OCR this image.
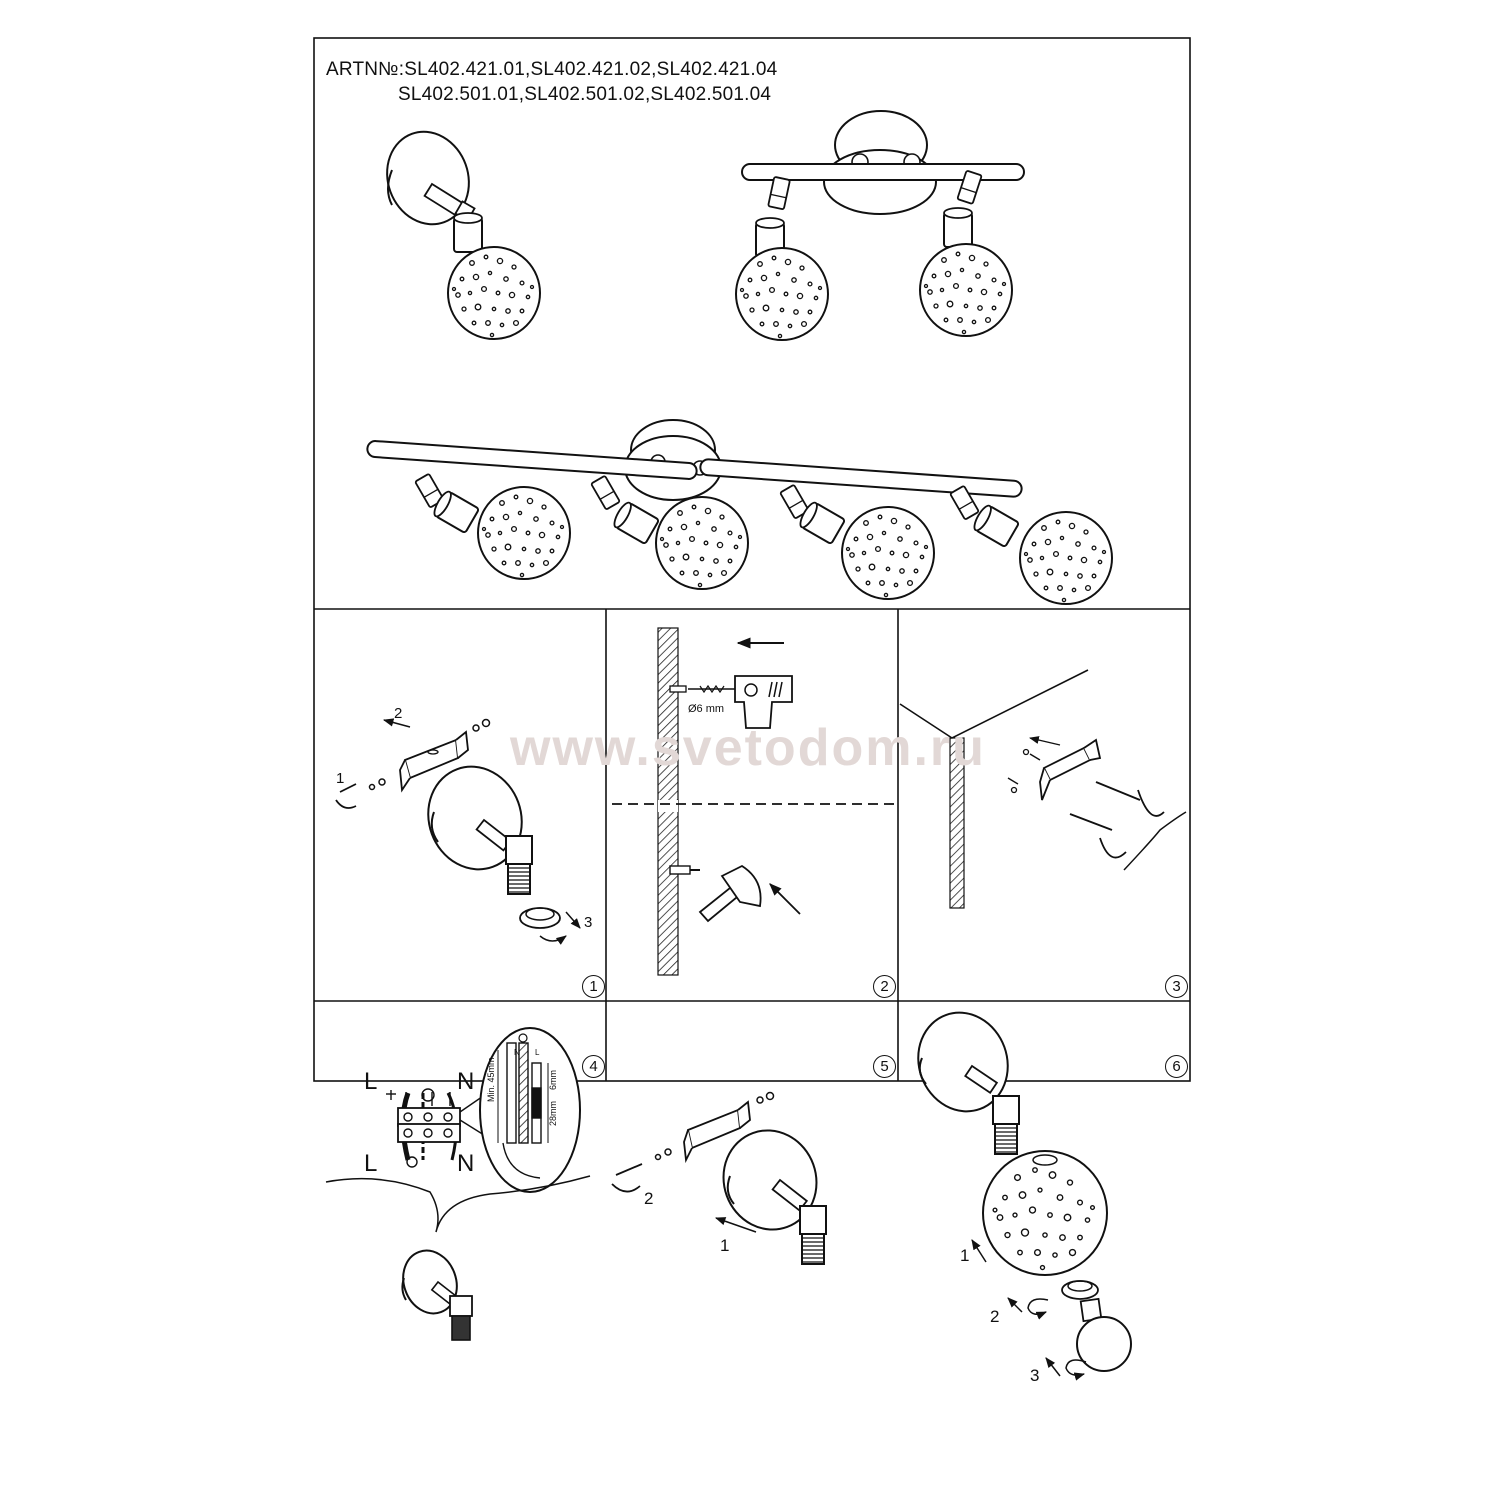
ARTN№:SL402.421.01,SL402.421.02,SL402.421.04
SL402.501.01,SL402.501.02,SL402.501.04
www.svetodom.ru
1
2
3
Ø6 mm
L	N
L	N
N L
Min. 45mm	6mm
28mm
2
1
1
2
3
1	2	3
4	5	6
